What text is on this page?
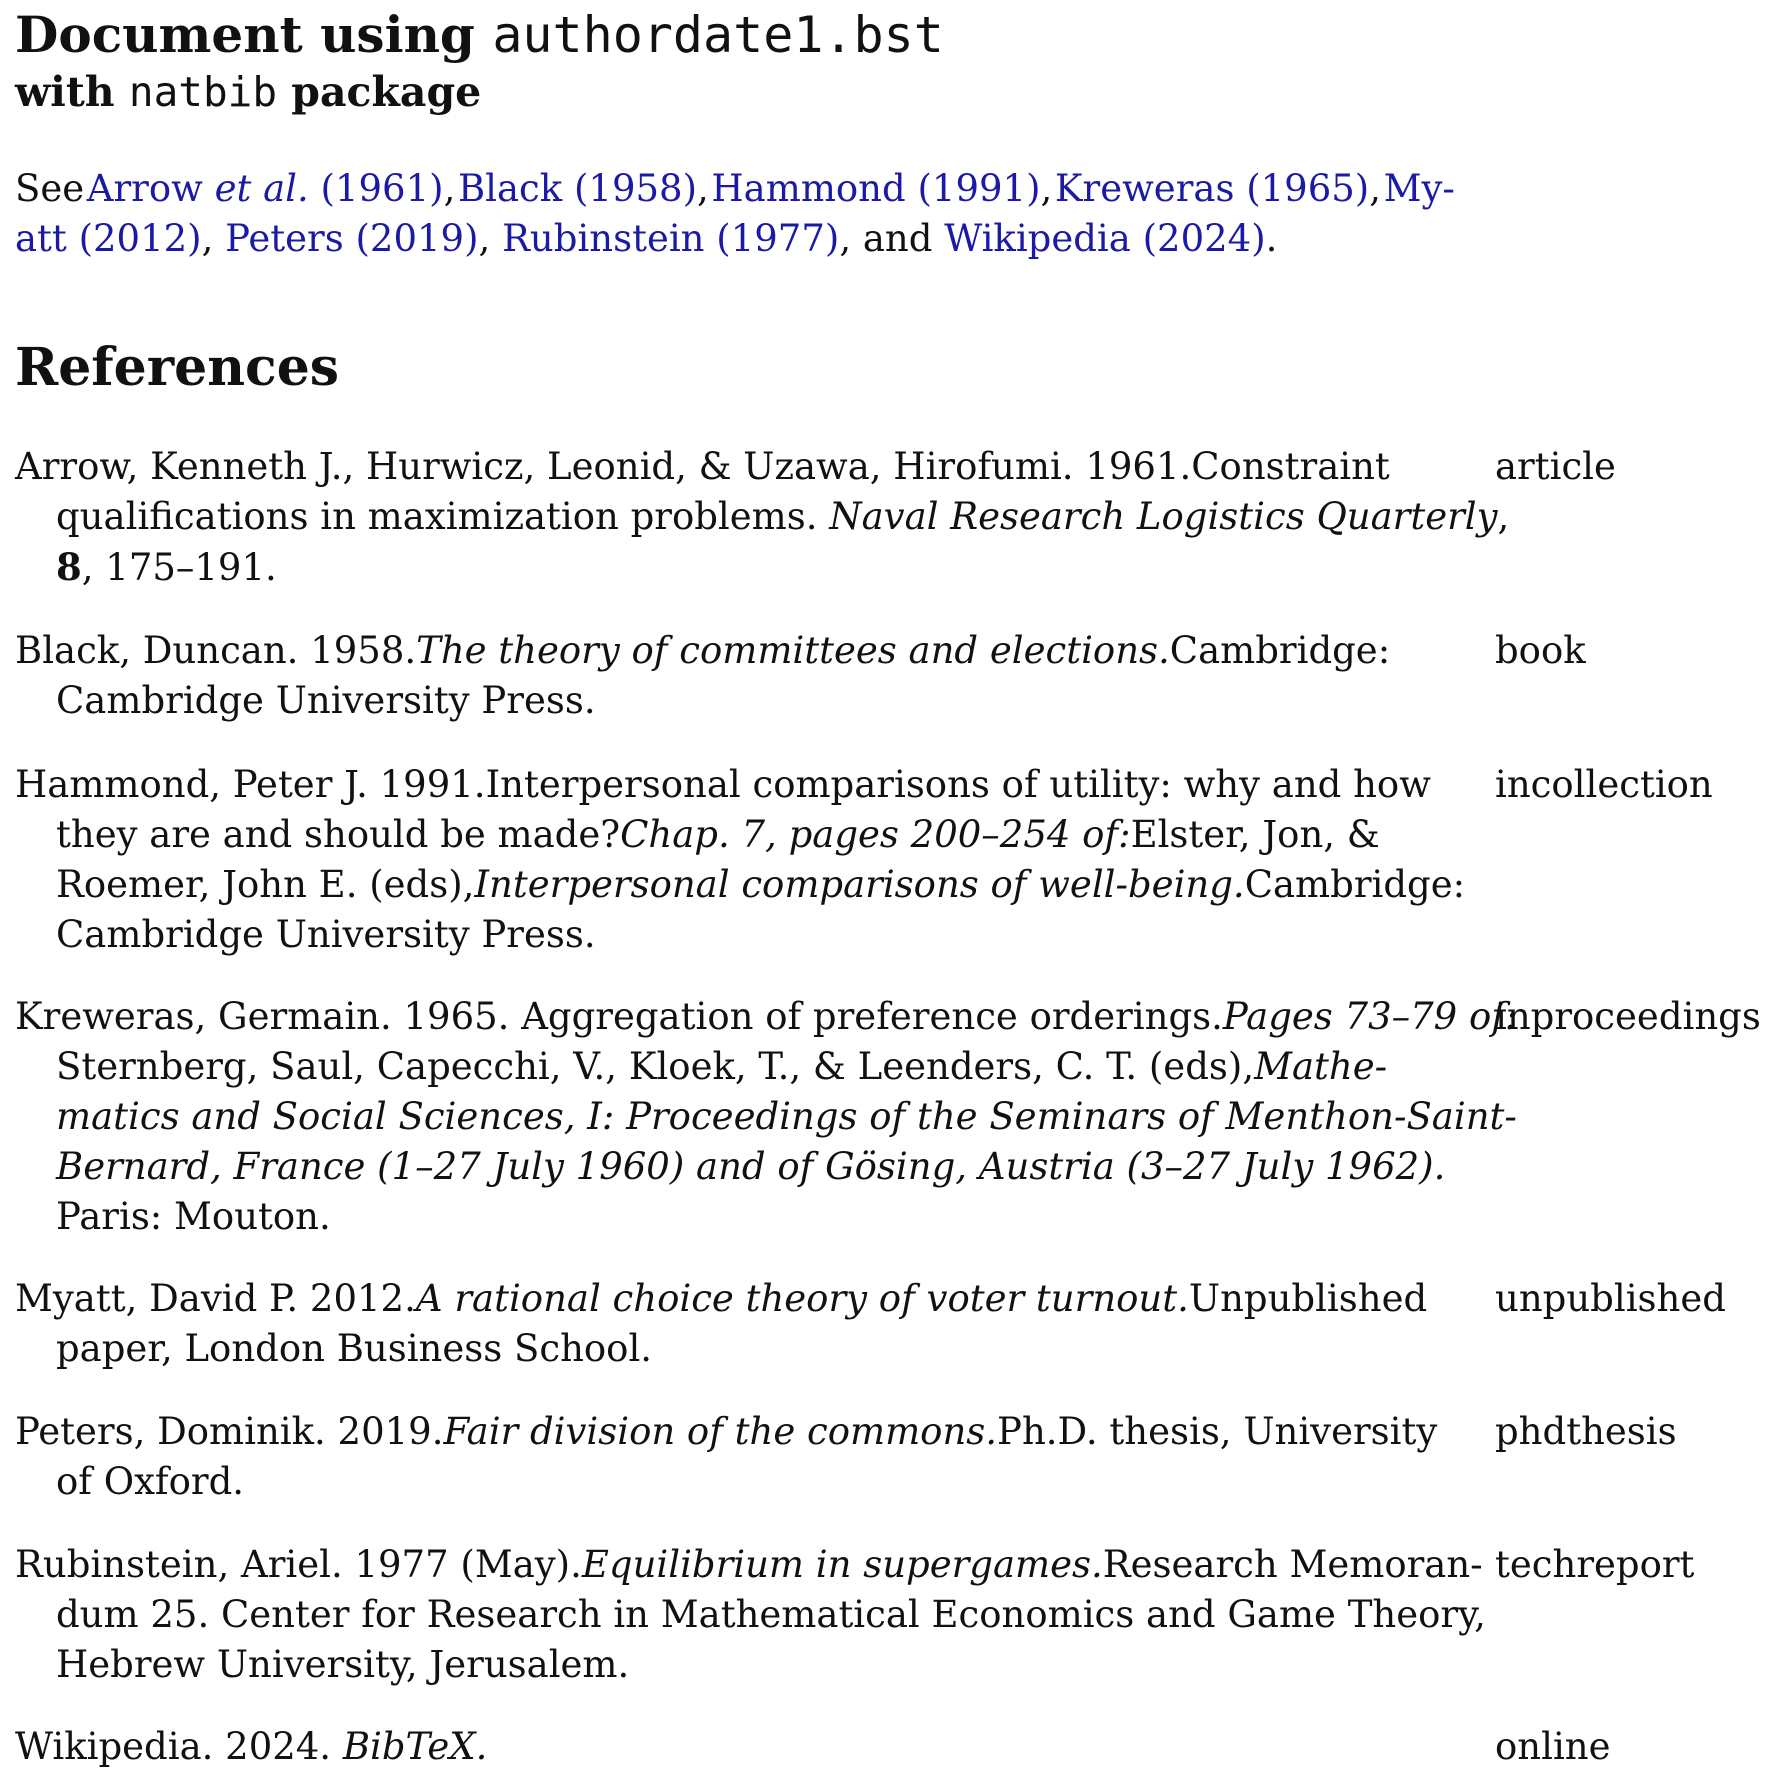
Document using authordate1.bst
with natbib package

See Arrow et al. (1961), Black (1958), Hammond (1991), Kreweras (1965), My-

att (2012), Peters (2019), Rubinstein (1977), and Wikipedia (2024).

References
Arrow, Kenneth J., Hurwicz, Leonid, & Uzawa, Hirofumi. 1961.Constraint
qualifications in maximization problems. Naval Research Logistics Quarterly,
8, 175–191.
article
Black, Duncan. 1958.The theory of committees and elections.Cambridge:
Cambridge University Press.
book
Hammond, Peter J. 1991.Interpersonal comparisons of utility: why and how
they are and should be made?Chap. 7, pages 200–254 of:Elster, Jon, &
Roemer, John E. (eds),Interpersonal comparisons of well-being.Cambridge:
Cambridge University Press.
incollection
Kreweras, Germain. 1965. Aggregation of preference orderings.Pages 73–79 of:
Sternberg, Saul, Capecchi, V., Kloek, T., & Leenders, C. T. (eds),Mathe-
matics and Social Sciences, I: Proceedings of the Seminars of Menthon-Saint-
Bernard, France (1–27 July 1960) and of Gösing, Austria (3–27 July 1962).
Paris: Mouton.
inproceedings
Myatt, David P. 2012.A rational choice theory of voter turnout.Unpublished
paper, London Business School.
unpublished
Peters, Dominik. 2019.Fair division of the commons.Ph.D. thesis, University
of Oxford.
phdthesis
Rubinstein, Ariel. 1977 (May).Equilibrium in supergames.Research Memoran-
dum 25. Center for Research in Mathematical Economics and Game Theory,
Hebrew University, Jerusalem.
techreport
Wikipedia. 2024. BibTeX.	online
